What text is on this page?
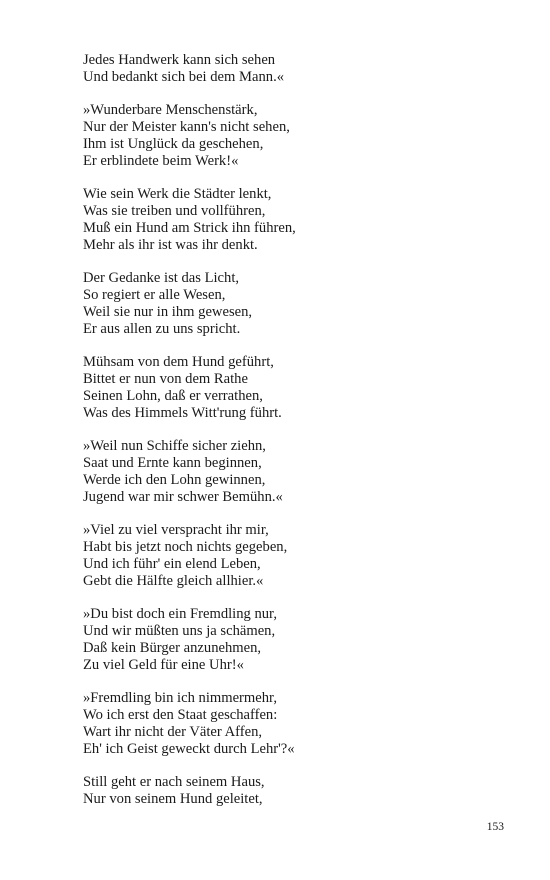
Jedes Handwerk kann sich sehen
Und bedankt sich bei dem Mann.«
»Wunderbare Menschenstärk,
Nur der Meister kann's nicht sehen,
Ihm ist Unglück da geschehen,
Er erblindete beim Werk!«
Wie sein Werk die Städter lenkt,
Was sie treiben und vollführen,
Muß ein Hund am Strick ihn führen,
Mehr als ihr ist was ihr denkt.
Der Gedanke ist das Licht,
So regiert er alle Wesen,
Weil sie nur in ihm gewesen,
Er aus allen zu uns spricht.
Mühsam von dem Hund geführt,
Bittet er nun von dem Rathe
Seinen Lohn, daß er verrathen,
Was des Himmels Witt'rung führt.
»Weil nun Schiffe sicher ziehn,
Saat und Ernte kann beginnen,
Werde ich den Lohn gewinnen,
Jugend war mir schwer Bemühn.«
»Viel zu viel verspracht ihr mir,
Habt bis jetzt noch nichts gegeben,
Und ich führ' ein elend Leben,
Gebt die Hälfte gleich allhier.«
»Du bist doch ein Fremdling nur,
Und wir müßten uns ja schämen,
Daß kein Bürger anzunehmen,
Zu viel Geld für eine Uhr!«
»Fremdling bin ich nimmermehr,
Wo ich erst den Staat geschaffen:
Wart ihr nicht der Väter Affen,
Eh' ich Geist geweckt durch Lehr'?«
Still geht er nach seinem Haus,
Nur von seinem Hund geleitet,
153
